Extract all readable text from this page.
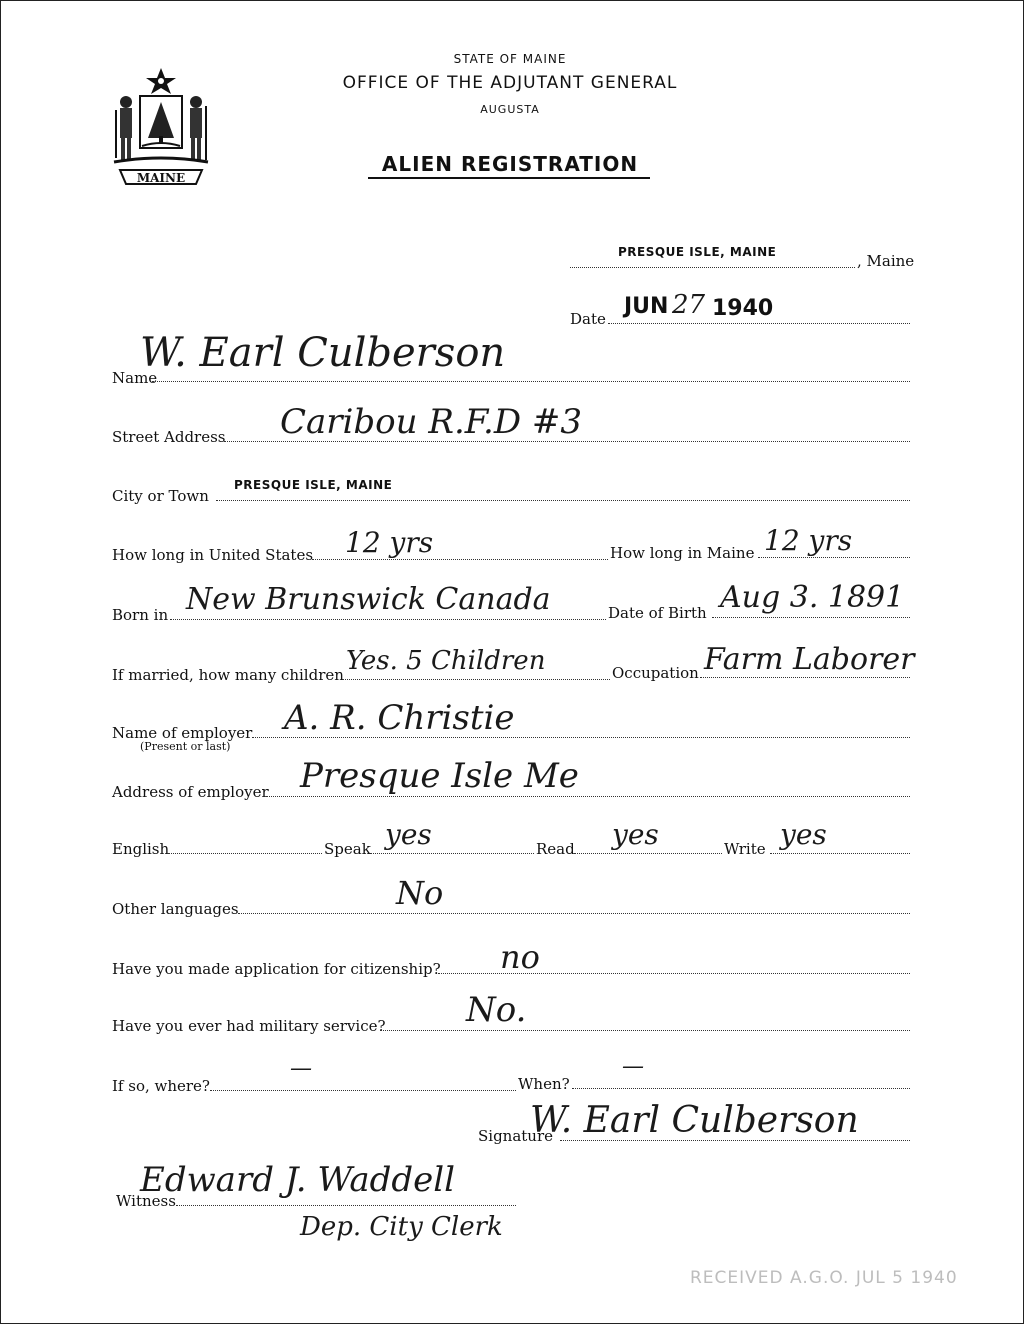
MAINE
STATE OF MAINE
OFFICE OF THE ADJUTANT GENERAL
AUGUSTA
ALIEN REGISTRATION
PRESQUE ISLE, MAINE	, Maine
Date JUN 27 1940
Name
W. Earl Culberson
Street Address Caribou R.F.D #3
City or Town
PRESQUE ISLE, MAINE
How long in United States 12 yrs	How long in Maine 12 yrs
Born in New Brunswick Canada	Date of Birth Aug 3. 1891
If married, how many children Yes. 5 Children	Occupation Farm Laborer
Name of employer
(Present or last)
A. R. Christie
Address of employer Presque Isle Me
English	Speak yes	Read yes	Write yes
Other languages	No
Have you made application for citizenship? no
Have you ever had military service? No.
If so, where?
—
When?
—
Signature
W. Earl Culberson
Witness
Edward J. Waddell
Dep. City Clerk
RECEIVED A.G.O. JUL 5 1940
